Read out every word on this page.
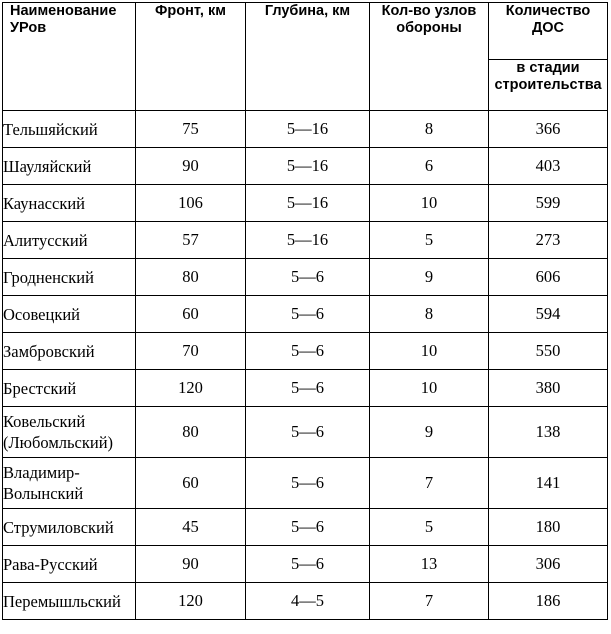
Наименование УРов	Фронт, км	Глубина, км	Кол-во узлов обороны	Количество ДОС
				в стадии строительства
Тельшяйский	75	5—16	8	366
Шауляйский	90	5—16	6	403
Каунасский	106	5—16	10	599
Алитусский	57	5—16	5	273
Гродненский	80	5—6	9	606
Осовецкий	60	5—6	8	594
Замбровский	70	5—6	10	550
Брестский	120	5—6	10	380
Ковельский (Любомльский)	80	5—6	9	138
Владимир-Волынский	60	5—6	7	141
Струмиловский	45	5—6	5	180
Рава-Русский	90	5—6	13	306
Перемышльский	120	4—5	7	186
